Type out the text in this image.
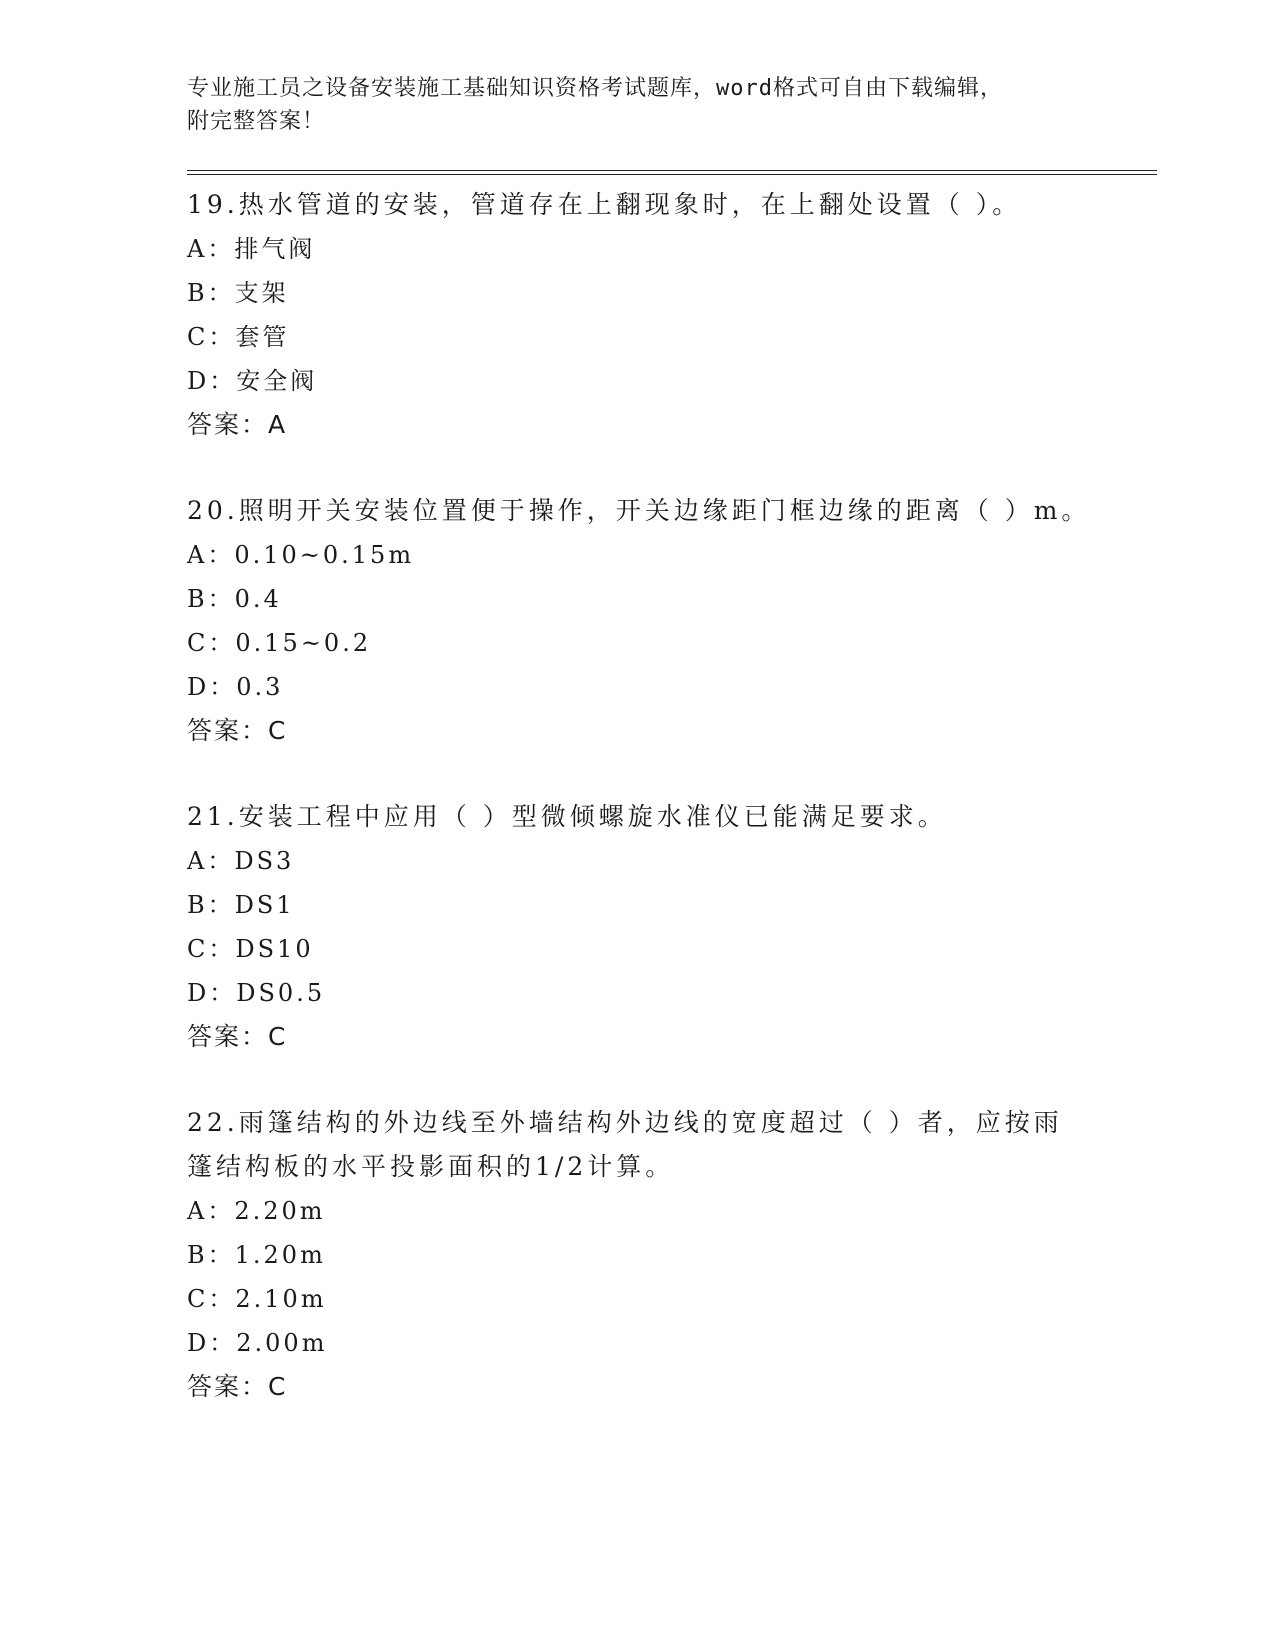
专业施工员之设备安装施工基础知识资格考试题库，word格式可自由下载编辑，

附完整答案！

19.热水管道的安装，管道存在上翻现象时，在上翻处设置（ ）。

A：排气阀

B：支架

C：套管

D：安全阀

答案：A

20.照明开关安装位置便于操作，开关边缘距门框边缘的距离（ ）m。

A：0.10~0.15m

B：0.4

C：0.15~0.2

D：0.3

答案：C

21.安装工程中应用（ ）型微倾螺旋水准仪已能满足要求。

A：DS3

B：DS1

C：DS10

D：DS0.5

答案：C

22.雨篷结构的外边线至外墙结构外边线的宽度超过（ ）者，应按雨

篷结构板的水平投影面积的1/2计算。

A：2.20m

B：1.20m

C：2.10m

D：2.00m

答案：C
